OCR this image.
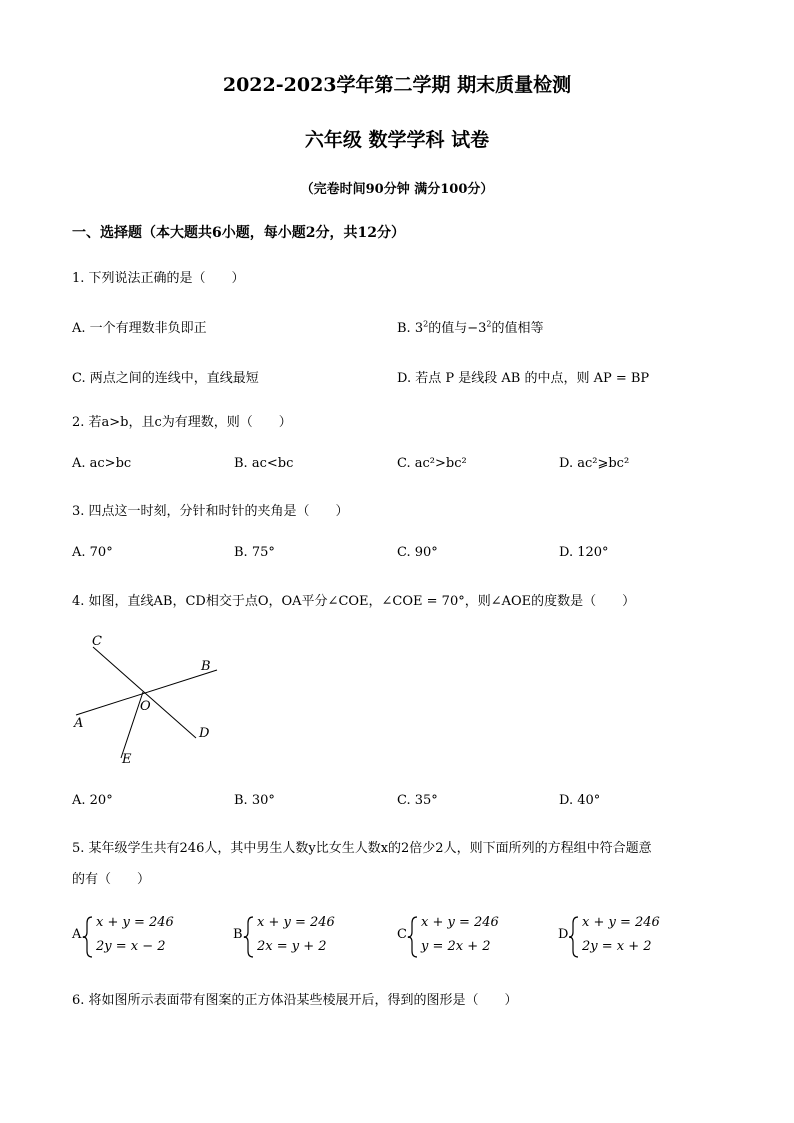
2022-2023学年第二学期 期末质量检测
六年级 数学学科 试卷
（完卷时间90分钟 满分100分）
一、选择题（本大题共6小题，每小题2分，共12分）
1. 下列说法正确的是（　　）
A. 一个有理数非负即正	B. $3^2$的值与$-3^2$的值相等
C. 两点之间的连线中，直线最短	D. 若点 P 是线段 AB 的中点，则 AP = BP
2. 若a>b，且c为有理数，则（　　）
A. ac>bc	B. ac<bc	C. ac²>bc²	D. ac²⩾bc²
3. 四点这一时刻，分针和时针的夹角是（　　）
A. 70°	B. 75°	C. 90°	D. 120°
4. 如图，直线AB，CD相交于点O，OA平分∠COE，∠COE = 70°，则∠AOE的度数是（　　）
C
B
O
A
D
E
A. 20°	B. 30°	C. 35°	D. 40°
5. 某年级学生共有246人，其中男生人数y比女生人数x的2倍少2人，则下面所列的方程组中符合题意
的有（　　）
A.
x + y = 246
2y = x − 2
B.
x + y = 246
2x = y + 2
C.
x + y = 246
y = 2x + 2
D.
x + y = 246
2y = x + 2
6. 将如图所示表面带有图案的正方体沿某些棱展开后，得到的图形是（　　）
